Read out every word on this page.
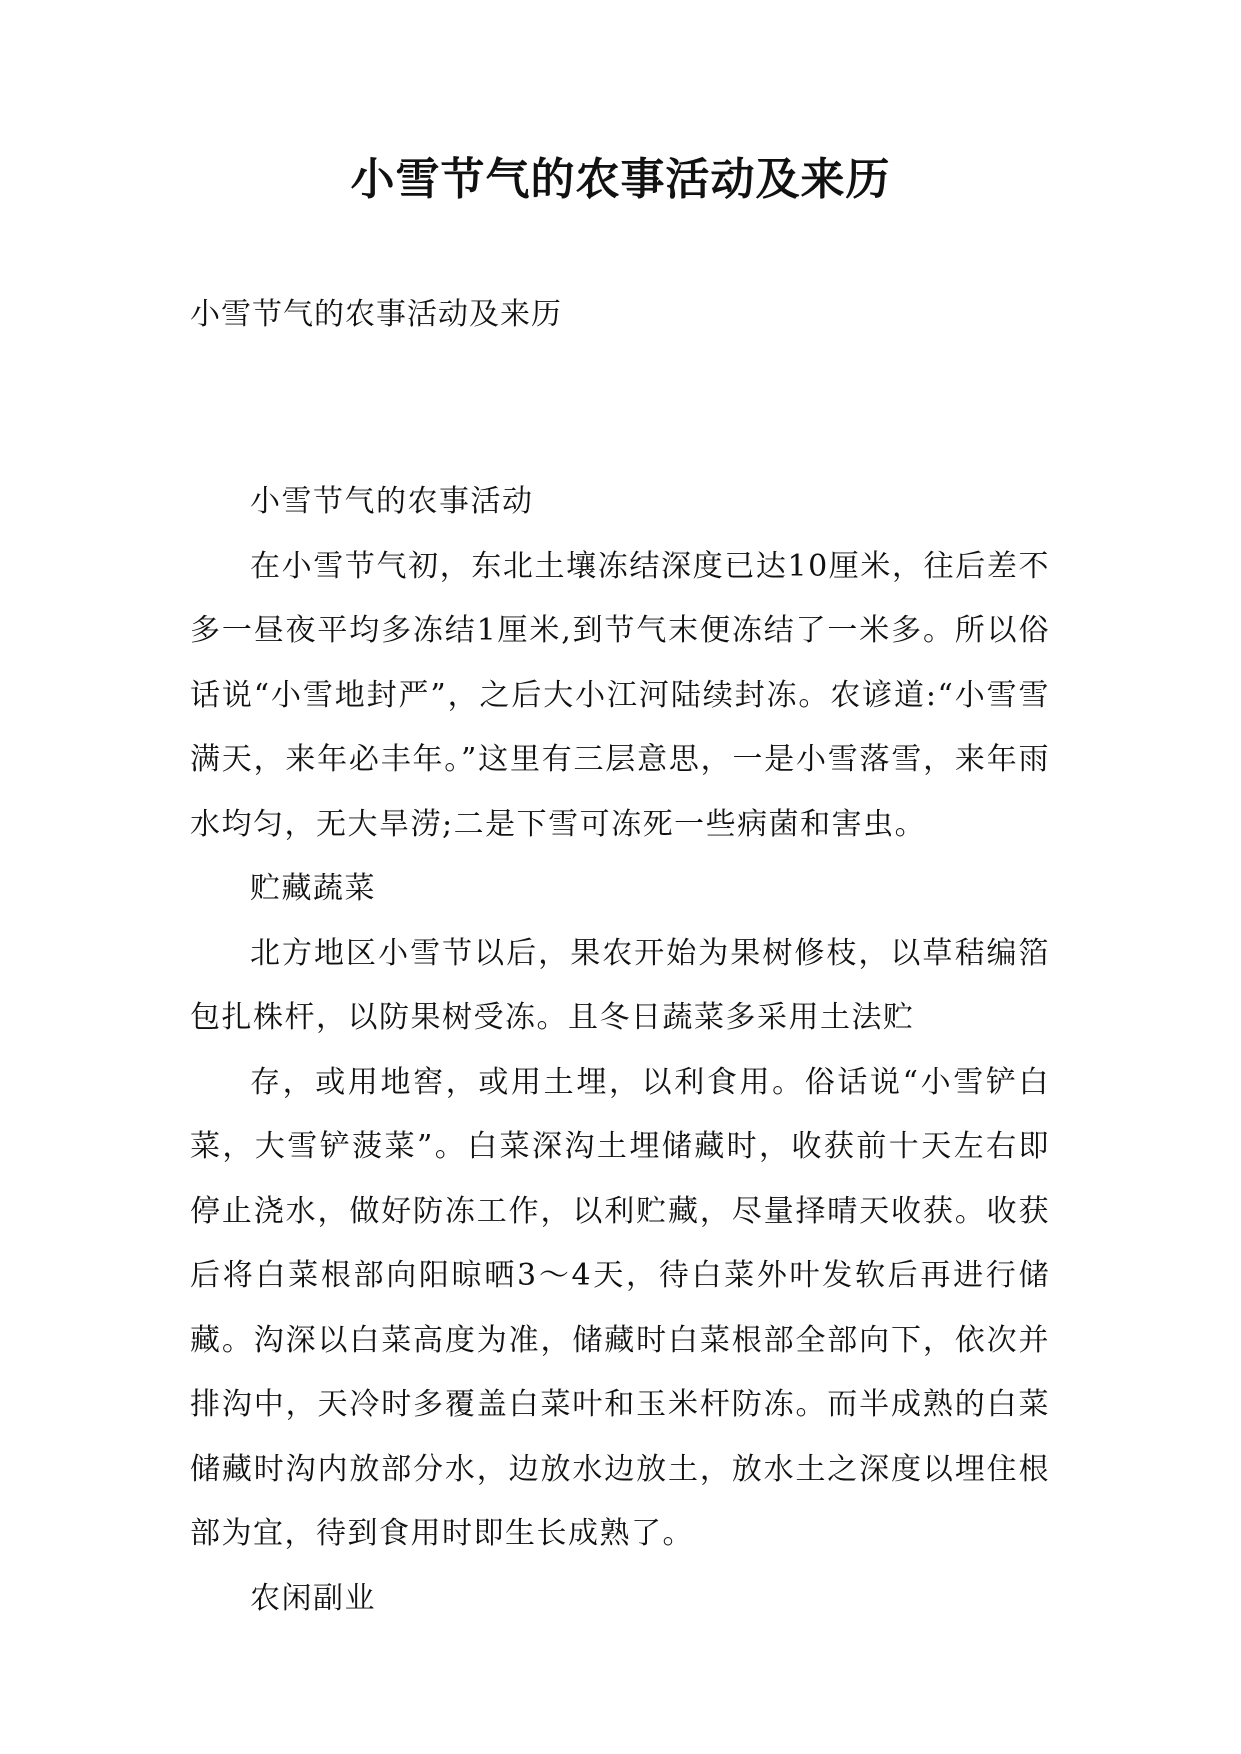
小雪节气的农事活动及来历
小雪节气的农事活动及来历

小雪节气的农事活动

在小雪节气初，东北土壤冻结深度已达10厘米，往后差不多一昼夜平均多冻结1厘米,到节气末便冻结了一米多。所以俗话说“小雪地封严”，之后大小江河陆续封冻。农谚道:“小雪雪满天，来年必丰年。”这里有三层意思，一是小雪落雪，来年雨水均匀，无大旱涝;二是下雪可冻死一些病菌和害虫。

贮藏蔬菜

北方地区小雪节以后，果农开始为果树修枝，以草秸编箔包扎株杆，以防果树受冻。且冬日蔬菜多采用土法贮

存，或用地窖，或用土埋，以利食用。俗话说“小雪铲白菜，大雪铲菠菜”。白菜深沟土埋储藏时，收获前十天左右即停止浇水，做好防冻工作，以利贮藏，尽量择晴天收获。收获后将白菜根部向阳晾晒3～4天，待白菜外叶发软后再进行储藏。沟深以白菜高度为准，储藏时白菜根部全部向下，依次并排沟中，天冷时多覆盖白菜叶和玉米杆防冻。而半成熟的白菜储藏时沟内放部分水，边放水边放土，放水土之深度以埋住根部为宜，待到食用时即生长成熟了。

农闲副业
